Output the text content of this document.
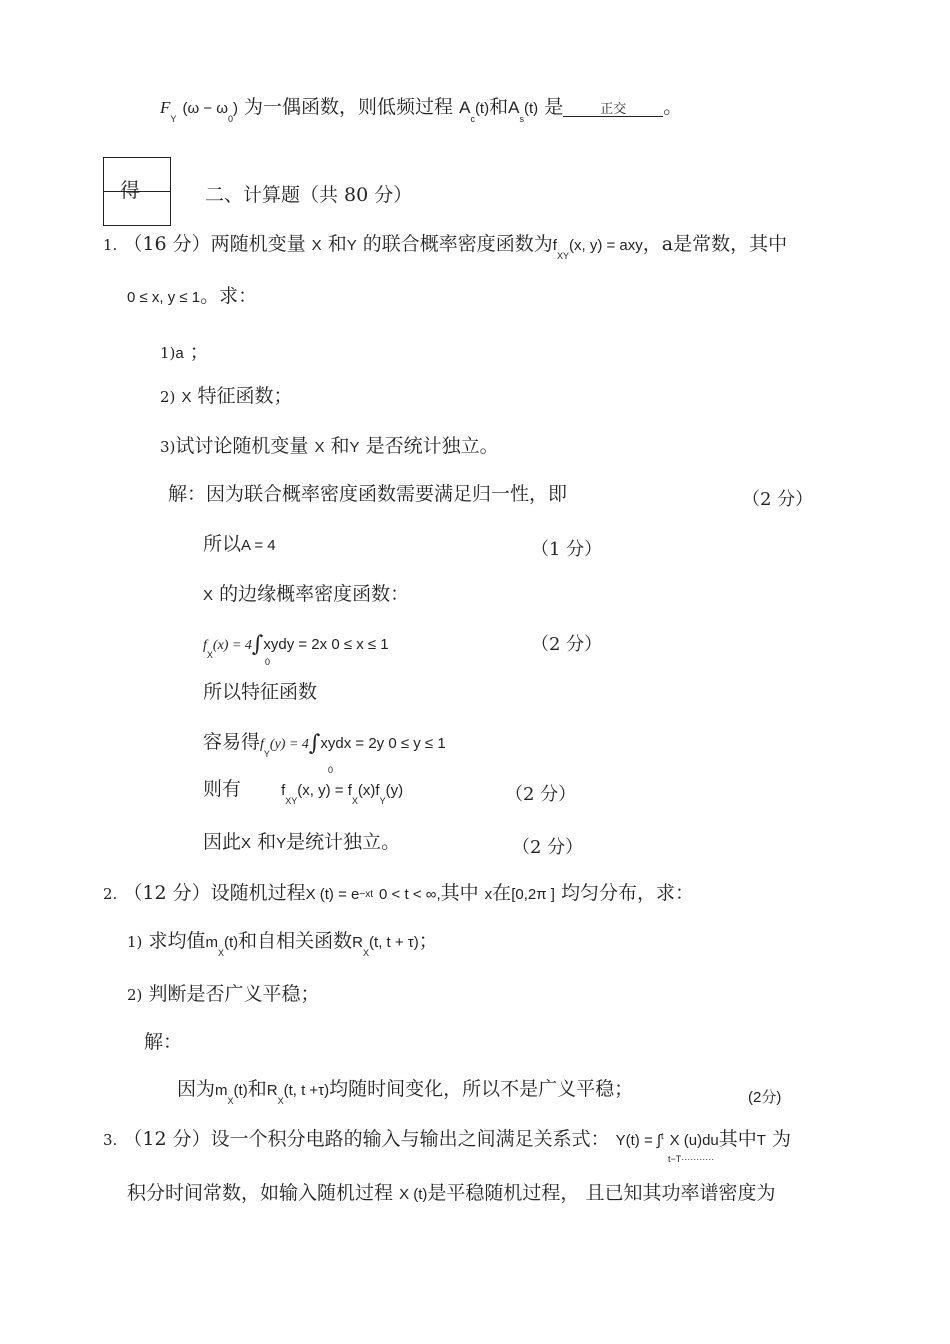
$F_Y$ $(\omega - \omega_0)$ 为一偶函数，则低频过程 $A_c(t)$和$A_s(t)$ 是	正交 。
得	二、计算题（共 80 分）
1. （16 分）两随机变量 X 和Y 的联合概率密度函数为$f_{XY}(x$, y) = axy，a是常数，其中
0 ≤ x, y ≤ 1。求：
1)a ；
2) X 特征函数；
3)试讨论随机变量 X 和Y 是否统计独立。
解：因为联合概率密度函数需要满足归一性，即	（2 分）
所以A = 4	（1 分）
X 的边缘概率密度函数：
$f_X(x)$ = 4∫xydy = 2x 0 ≤ x ≤ 1
0
（2 分）
所以特征函数
容易得$f_Y(y)$ = 4∫xydx = 2y 0 ≤ y ≤ 1
0
则有	$f_{XY}(x$, $y) = f_X(x)f_Y(y)$	（2 分）
因此X 和Y是统计独立。	（2 分）
2. （12 分）设随机过程X (t) = e−xt 0 < t < ∞,其中 x在[0,2π ] 均匀分布，求：
1) 求均值$m_X(t)$和自相关函数$R_X(t$, t + τ)；
2) 判断是否广义平稳；
解：
因为$m_X(t)$和$R_X(t$, t +τ)均随时间变化，所以不是广义平稳；	(2分)
3. （12 分）设一个积分电路的输入与输出之间满足关系式： Y(t) = ∫$^t$ X (u)du其中T 为
t−T···········
积分时间常数，如输入随机过程 X (t)是平稳随机过程， 且已知其功率谱密度为
